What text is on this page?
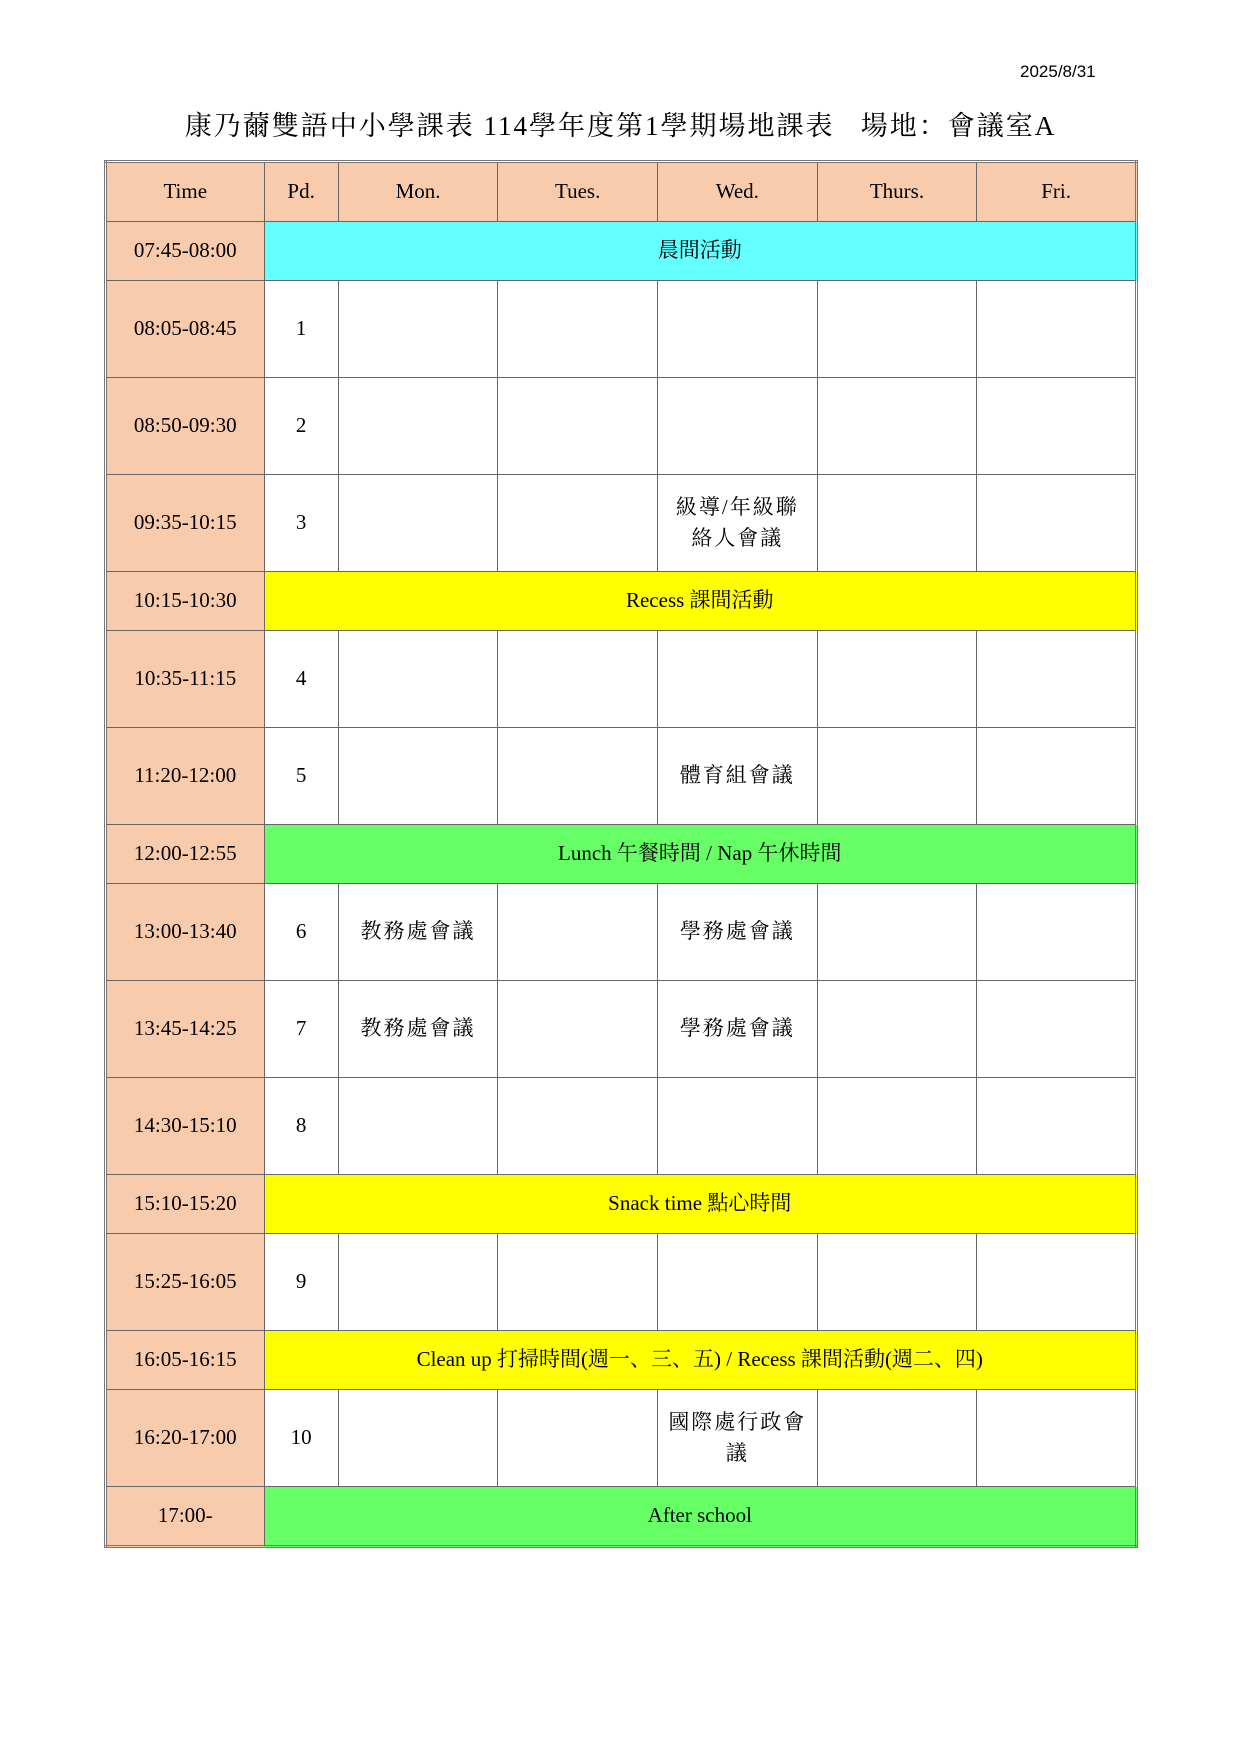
2025/8/31
康乃薾雙語中小學課表 114學年度第1學期場地課表   場地：會議室A
Time	Pd.	Mon.	Tues.	Wed.	Thurs.	Fri.
07:45-08:00	晨間活動					
08:05-08:45	1					
08:50-09:30	2					
09:35-10:15	3			級導/年級聯絡人會議		
10:15-10:30	Recess 課間活動					
10:35-11:15	4					
11:20-12:00	5			體育組會議		
12:00-12:55	Lunch 午餐時間 / Nap 午休時間					
13:00-13:40	6	教務處會議		學務處會議		
13:45-14:25	7	教務處會議		學務處會議		
14:30-15:10	8					
15:10-15:20	Snack time 點心時間					
15:25-16:05	9					
16:05-16:15	Clean up 打掃時間(週一、三、五) / Recess 課間活動(週二、四)					
16:20-17:00	10			國際處行政會議		
17:00-	After school					
